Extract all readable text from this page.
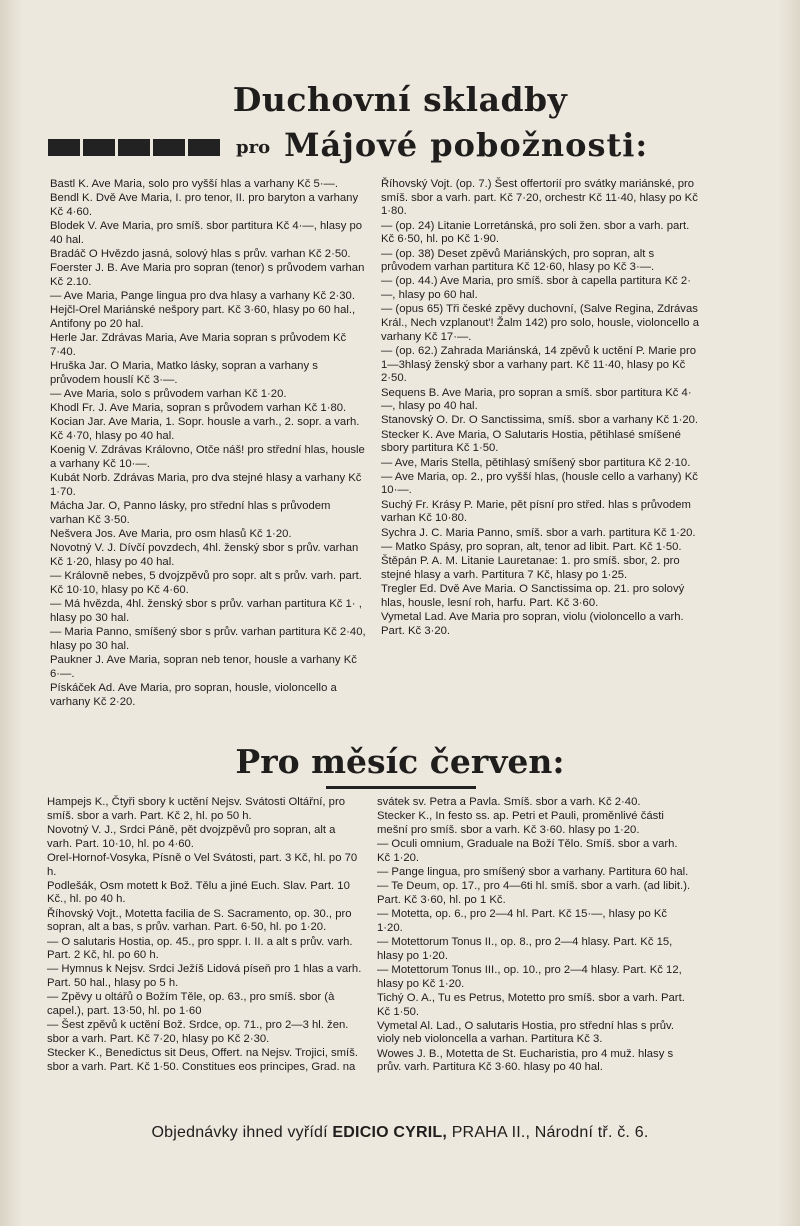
Duchovní skladby
pro Májové pobožnosti:
Bastl K. Ave Maria, solo pro vyšší hlas a varhany Kč 5·—.
Bendl K. Dvě Ave Maria, I. pro tenor, II. pro baryton a varhany Kč 4·60.
Blodek V. Ave Maria, pro smíš. sbor partitura Kč 4·—, hlasy po 40 hal.
Bradáč O Hvězdo jasná, solový hlas s prův. varhan Kč 2·50.
Foerster J. B. Ave Maria pro sopran (tenor) s průvodem varhan Kč 2.10.
— Ave Maria, Pange lingua pro dva hlasy a varhany Kč 2·30.
Hejčl-Orel Mariánské nešpory part. Kč 3·60, hlasy po 60 hal., Antifony po 20 hal.
Herle Jar. Zdrávas Maria, Ave Maria sopran s průvodem Kč 7·40.
Hruška Jar. O Maria, Matko lásky, sopran a varhany s průvodem houslí Kč 3·—.
— Ave Maria, solo s průvodem varhan Kč 1·20.
Khodl Fr. J. Ave Maria, sopran s průvodem varhan Kč 1·80.
Kocian Jar. Ave Maria, 1. Sopr. housle a varh., 2. sopr. a varh. Kč 4·70, hlasy po 40 hal.
Koenig V. Zdrávas Královno, Otče náš! pro střední hlas, housle a varhany Kč 10·—.
Kubát Norb. Zdrávas Maria, pro dva stejné hlasy a varhany Kč 1·70.
Mácha Jar. O, Panno lásky, pro střední hlas s průvodem varhan Kč 3·50.
Nešvera Jos. Ave Maria, pro osm hlasů Kč 1·20.
Novotný V. J. Dívčí povzdech, 4hl. ženský sbor s prův. varhan Kč 1·20, hlasy po 40 hal.
— Královně nebes, 5 dvojzpěvů pro sopr. alt s prův. varh. part. Kč 10·10, hlasy po Kč 4·60.
— Má hvězda, 4hl. ženský sbor s prův. varhan partitura Kč 1· , hlasy po 30 hal.
— Maria Panno, smíšený sbor s prův. varhan partitura Kč 2·40, hlasy po 30 hal.
Paukner J. Ave Maria, sopran neb tenor, housle a varhany Kč 6·—.
Pískáček Ad. Ave Maria, pro sopran, housle, violoncello a varhany Kč 2·20.
Říhovský Vojt. (op. 7.) Šest offertorií pro svátky mariánské, pro smíš. sbor a varh. part. Kč 7·20, orchestr Kč 11·40, hlasy po Kč 1·80.
— (op. 24) Litanie Lorretánská, pro soli žen. sbor a varh. part. Kč 6·50, hl. po Kč 1·90.
— (op. 38) Deset zpěvů Mariánských, pro sopran, alt s průvodem varhan partitura Kč 12·60, hlasy po Kč 3·—.
— (op. 44.) Ave Maria, pro smíš. sbor à capella partitura Kč 2·—, hlasy po 60 hal.
— (opus 65) Tři české zpěvy duchovní, (Salve Regina, Zdrávas Král., Nech vzplanout'! Žalm 142) pro solo, housle, violoncello a varhany Kč 17·—.
— (op. 62.) Zahrada Mariánská, 14 zpěvů k uctění P. Marie pro 1—3hlasý ženský sbor a varhany part. Kč 11·40, hlasy po Kč 2·50.
Sequens B. Ave Maria, pro sopran a smíš. sbor partitura Kč 4·—, hlasy po 40 hal.
Stanovský O. Dr. O Sanctissima, smíš. sbor a varhany Kč 1·20.
Stecker K. Ave Maria, O Salutaris Hostia, pětihlasé smíšené sbory partitura Kč 1·50.
— Ave, Maris Stella, pětihlasý smíšený sbor partitura Kč 2·10.
— Ave Maria, op. 2., pro vyšší hlas, (housle cello a varhany) Kč 10·—.
Suchý Fr. Krásy P. Marie, pět písní pro střed. hlas s průvodem varhan Kč 10·80.
Sychra J. C. Maria Panno, smíš. sbor a varh. partitura Kč 1·20.
— Matko Spásy, pro sopran, alt, tenor ad libit. Part. Kč 1·50.
Štěpán P. A. M. Litanie Lauretanae: 1. pro smíš. sbor, 2. pro stejné hlasy a varh. Partitura 7 Kč, hlasy po 1·25.
Tregler Ed. Dvě Ave Maria. O Sanctissima op. 21. pro solový hlas, housle, lesní roh, harfu. Part. Kč 3·60.
Vymetal Lad. Ave Maria pro sopran, violu (violoncello a varh. Part. Kč 3·20.
Pro měsíc červen:
Hampejs K., Čtyři sbory k uctění Nejsv. Svátosti Oltářní, pro smíš. sbor a varh. Part. Kč 2, hl. po 50 h.
Novotný V. J., Srdci Páně, pět dvojzpěvů pro sopran, alt a varh. Part. 10·10, hl. po 4·60.
Orel-Hornof-Vosyka, Písně o Vel Svátosti, part. 3 Kč, hl. po 70 h.
Podlešák, Osm motett k Bož. Tělu a jiné Euch. Slav. Part. 10 Kč., hl. po 40 h.
Říhovský Vojt., Motetta facilia de S. Sacramento, op. 30., pro sopran, alt a bas, s prův. varhan. Part. 6·50, hl. po 1·20.
— O salutaris Hostia, op. 45., pro sppr. I. II. a alt s prův. varh. Part. 2 Kč, hl. po 60 h.
— Hymnus k Nejsv. Srdci Ježíš Lidová píseň pro 1 hlas a varh. Part. 50 hal., hlasy po 5 h.
— Zpěvy u oltářů o Božím Těle, op. 63., pro smíš. sbor (à capel.), part. 13·50, hl. po 1·60
— Šest zpěvů k uctění Bož. Srdce, op. 71., pro 2—3 hl. žen. sbor a varh. Part. Kč 7·20, hlasy po Kč 2·30.
Stecker K., Benedictus sit Deus, Offert. na Nejsv. Trojici, smíš. sbor a varh. Part. Kč 1·50. Constitues eos principes, Grad. na
svátek sv. Petra a Pavla. Smíš. sbor a varh. Kč 2·40.
Stecker K., In festo ss. ap. Petri et Pauli, proměnlivé části mešní pro smíš. sbor a varh. Kč 3·60. hlasy po 1·20.
— Oculi omnium, Graduale na Boží Tělo. Smíš. sbor a varh. Kč 1·20.
— Pange lingua, pro smíšený sbor a varhany. Partitura 60 hal.
— Te Deum, op. 17., pro 4—6ti hl. smíš. sbor a varh. (ad libit.). Part. Kč 3·60, hl. po 1 Kč.
— Motetta, op. 6., pro 2—4 hl. Part. Kč 15·—, hlasy po Kč 1·20.
— Motettorum Tonus II., op. 8., pro 2—4 hlasy. Part. Kč 15, hlasy po 1·20.
— Motettorum Tonus III., op. 10., pro 2—4 hlasy. Part. Kč 12, hlasy po Kč 1·20.
Tichý O. A., Tu es Petrus, Motetto pro smíš. sbor a varh. Part. Kč 1·50.
Vymetal Al. Lad., O salutaris Hostia, pro střední hlas s prův. violy neb violoncella a varhan. Partitura Kč 3.
Wowes J. B., Motetta de St. Eucharistia, pro 4 muž. hlasy s prův. varh. Partitura Kč 3·60. hlasy po 40 hal.
Objednávky ihned vyřídí EDICIO CYRIL, PRAHA II., Národní tř. č. 6.
